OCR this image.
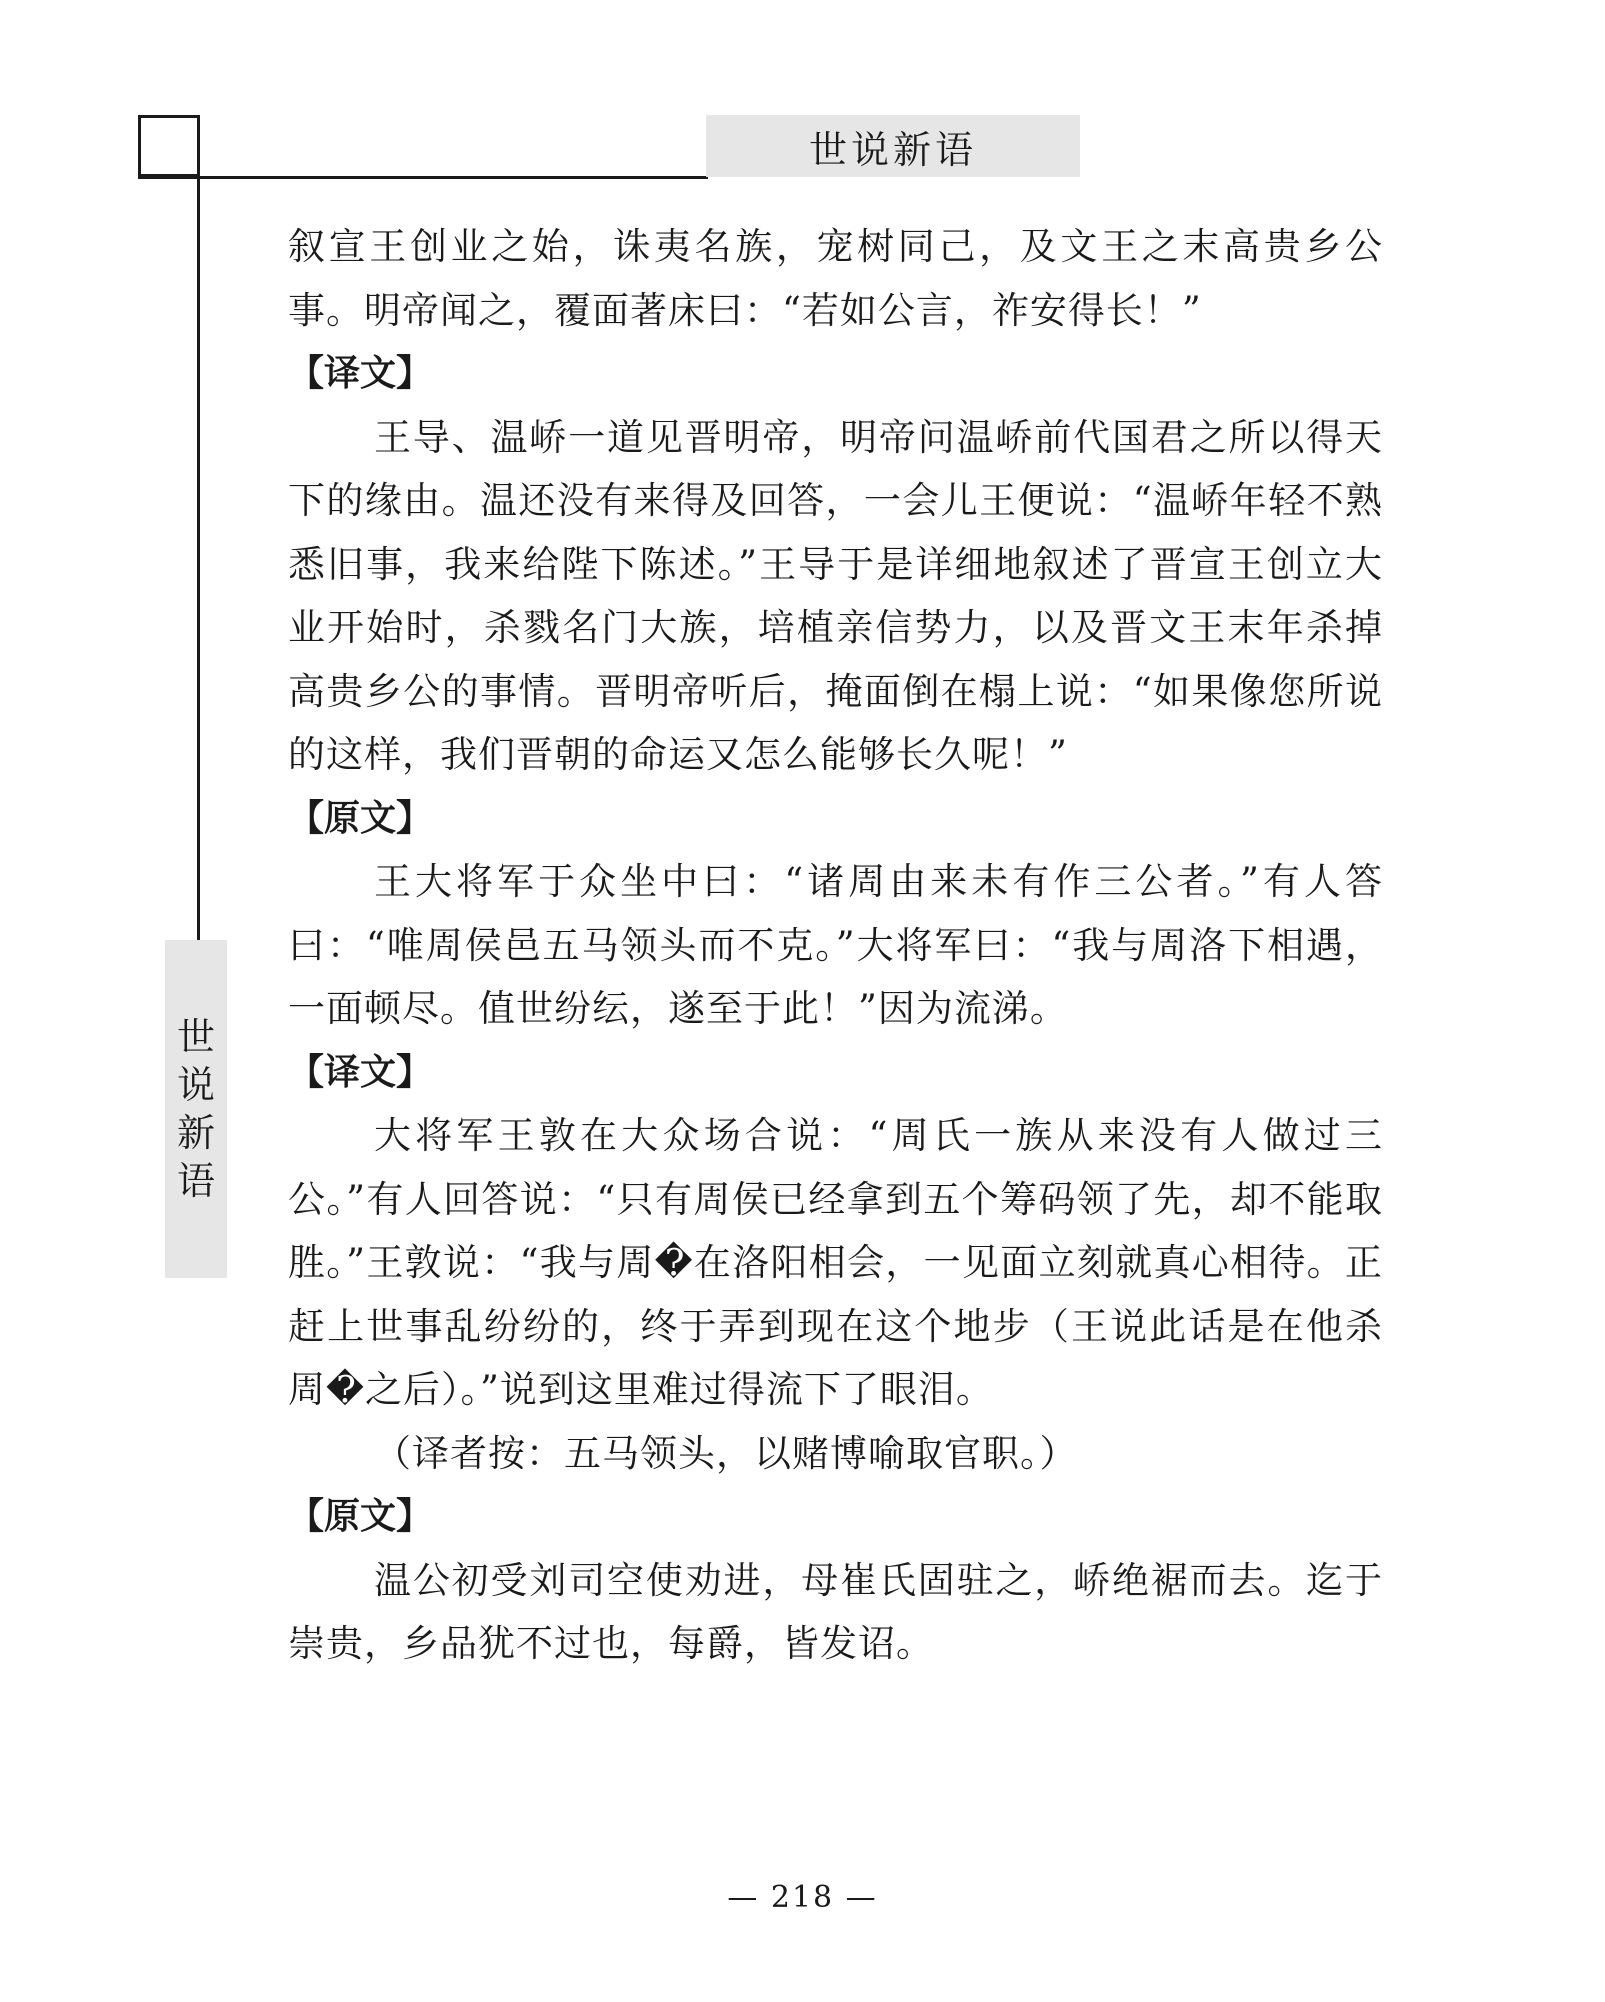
世说新语
世
说
新
语

叙宣王创业之始，诛夷名族，宠树同己，及文王之末高贵乡公事。明帝闻之，覆面著床曰：“若如公言，祚安得长！”

【译文】

王导、温峤一道见晋明帝，明帝问温峤前代国君之所以得天下的缘由。温还没有来得及回答，一会儿王便说：“温峤年轻不熟悉旧事，我来给陛下陈述。”王导于是详细地叙述了晋宣王创立大业开始时，杀戮名门大族，培植亲信势力，以及晋文王末年杀掉高贵乡公的事情。晋明帝听后，掩面倒在榻上说：“如果像您所说的这样，我们晋朝的命运又怎么能够长久呢！”

【原文】

王大将军于众坐中曰：“诸周由来未有作三公者。”有人答曰：“唯周侯邑五马领头而不克。”大将军曰：“我与周洛下相遇，一面顿尽。值世纷纭，遂至于此！”因为流涕。

【译文】

大将军王敦在大众场合说：“周氏一族从来没有人做过三公。”有人回答说：“只有周侯已经拿到五个筹码领了先，却不能取胜。”王敦说：“我与周�在洛阳相会，一见面立刻就真心相待。正赶上世事乱纷纷的，终于弄到现在这个地步（王说此话是在他杀周�之后）。”说到这里难过得流下了眼泪。

（译者按：五马领头，以赌博喻取官职。）

【原文】

温公初受刘司空使劝进，母崔氏固驻之，峤绝裾而去。迄于崇贵，乡品犹不过也，每爵，皆发诏。

— 218 —
